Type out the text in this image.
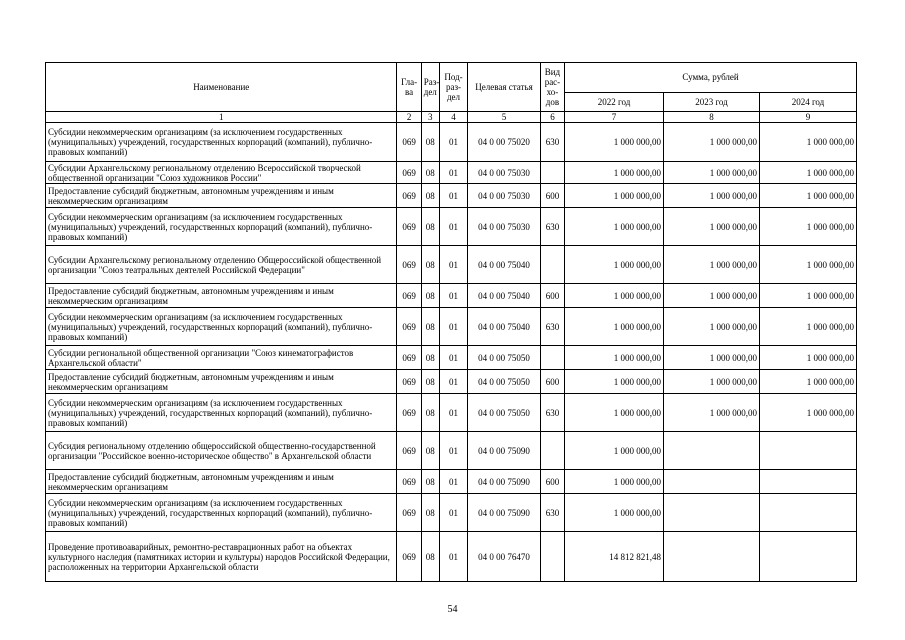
Наименование	Гла-ва	Раз-дел	Под-раз-дел	Целевая статья	Вид рас-хо-дов	Сумма, рублей		
						2022 год	2023 год	2024 год
1	2	3	4	5	6	7	8	9
Субсидии некоммерческим организациям (за исключением государственных (муниципальных) учреждений, государственных корпораций (компаний), публично-правовых компаний)	069	08	01	04 0 00 75020	630	1 000 000,00	1 000 000,00	1 000 000,00
Субсидии Архангельскому региональному отделению Всероссийской творческой общественной организации "Союз художников России"	069	08	01	04 0 00 75030		1 000 000,00	1 000 000,00	1 000 000,00
Предоставление субсидий бюджетным, автономным учреждениям и иным некоммерческим организациям	069	08	01	04 0 00 75030	600	1 000 000,00	1 000 000,00	1 000 000,00
Субсидии некоммерческим организациям (за исключением государственных (муниципальных) учреждений, государственных корпораций (компаний), публично-правовых компаний)	069	08	01	04 0 00 75030	630	1 000 000,00	1 000 000,00	1 000 000,00
Субсидии Архангельскому региональному отделению Общероссийской общественной организации "Союз театральных деятелей Российской Федерации"	069	08	01	04 0 00 75040		1 000 000,00	1 000 000,00	1 000 000,00
Предоставление субсидий бюджетным, автономным учреждениям и иным некоммерческим организациям	069	08	01	04 0 00 75040	600	1 000 000,00	1 000 000,00	1 000 000,00
Субсидии некоммерческим организациям (за исключением государственных (муниципальных) учреждений, государственных корпораций (компаний), публично-правовых компаний)	069	08	01	04 0 00 75040	630	1 000 000,00	1 000 000,00	1 000 000,00
Субсидии региональной общественной организации "Союз кинематографистов Архангельской области"	069	08	01	04 0 00 75050		1 000 000,00	1 000 000,00	1 000 000,00
Предоставление субсидий бюджетным, автономным учреждениям и иным некоммерческим организациям	069	08	01	04 0 00 75050	600	1 000 000,00	1 000 000,00	1 000 000,00
Субсидии некоммерческим организациям (за исключением государственных (муниципальных) учреждений, государственных корпораций (компаний), публично-правовых компаний)	069	08	01	04 0 00 75050	630	1 000 000,00	1 000 000,00	1 000 000,00
Субсидия региональному отделению общероссийской общественно-государственной организации "Российское военно-историческое общество" в Архангельской области	069	08	01	04 0 00 75090		1 000 000,00		
Предоставление субсидий бюджетным, автономным учреждениям и иным некоммерческим организациям	069	08	01	04 0 00 75090	600	1 000 000,00		
Субсидии некоммерческим организациям (за исключением государственных (муниципальных) учреждений, государственных корпораций (компаний), публично-правовых компаний)	069	08	01	04 0 00 75090	630	1 000 000,00		
Проведение противоаварийных, ремонтно-реставрационных работ на объектах культурного наследия (памятниках истории и культуры) народов Российской Федерации, расположенных на территории Архангельской области	069	08	01	04 0 00 76470		14 812 821,48		
54
